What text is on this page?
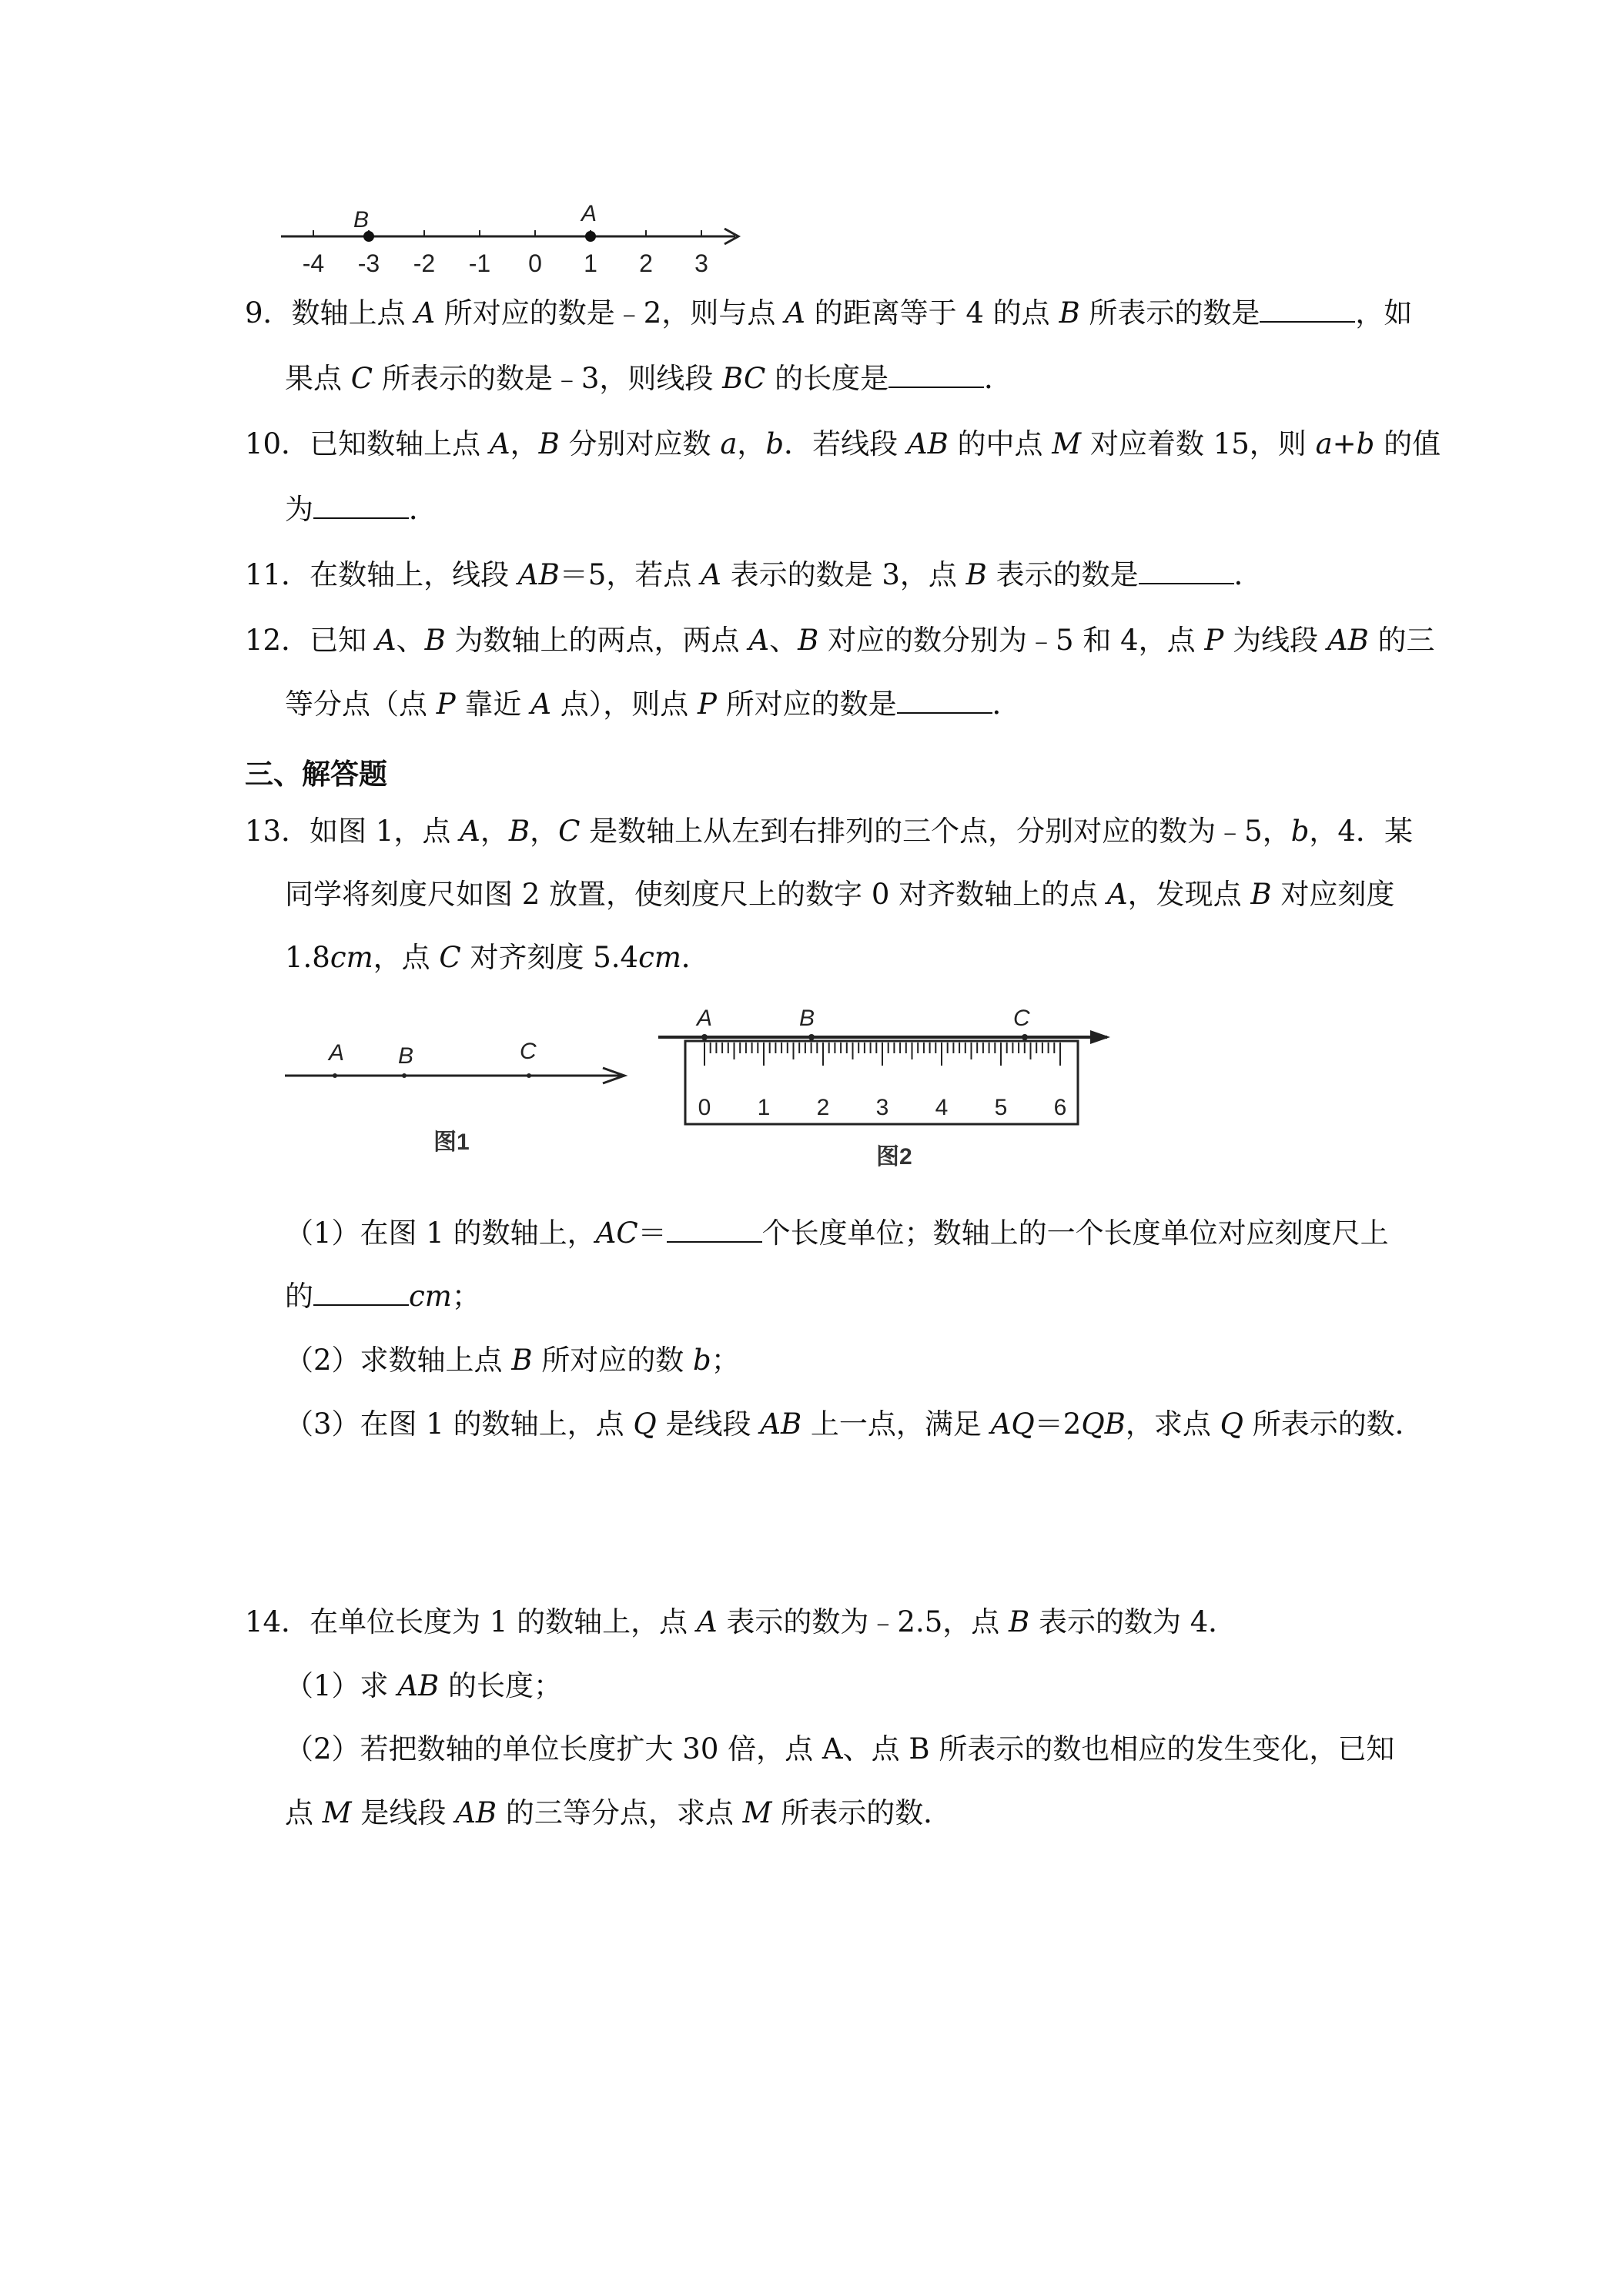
B	A
-4 -3 -2 -1 0 1 2 3
9．数轴上点 A 所对应的数是﹣2，则与点 A 的距离等于 4 的点 B 所表示的数是	，如
果点 C 所表示的数是﹣3，则线段 BC 的长度是	．
10．已知数轴上点 A，B 分别对应数 a，b．若线段 AB 的中点 M 对应着数 15，则 a+b 的值
为	．
11．在数轴上，线段 AB＝5，若点 A 表示的数是 3，点 B 表示的数是	．
12．已知 A、B 为数轴上的两点，两点 A、B 对应的数分别为﹣5 和 4，点 P 为线段 AB 的三
等分点（点 P 靠近 A 点），则点 P 所对应的数是	．
三、解答题
13．如图 1，点 A，B，C 是数轴上从左到右排列的三个点，分别对应的数为﹣5，b，4．某
同学将刻度尺如图 2 放置，使刻度尺上的数字 0 对齐数轴上的点 A，发现点 B 对应刻度
1.8cm，点 C 对齐刻度 5.4cm．
A B	C
图1
A	B	C
0 1 2 3 4 5 6
图2
（1）在图 1 的数轴上，AC＝	个长度单位；数轴上的一个长度单位对应刻度尺上
的	cm；
（2）求数轴上点 B 所对应的数 b；
（3）在图 1 的数轴上，点 Q 是线段 AB 上一点，满足 AQ＝2QB，求点 Q 所表示的数．
14．在单位长度为 1 的数轴上，点 A 表示的数为﹣2.5，点 B 表示的数为 4．
（1）求 AB 的长度；
（2）若把数轴的单位长度扩大 30 倍，点 A、点 B 所表示的数也相应的发生变化，已知
点 M 是线段 AB 的三等分点，求点 M 所表示的数．
